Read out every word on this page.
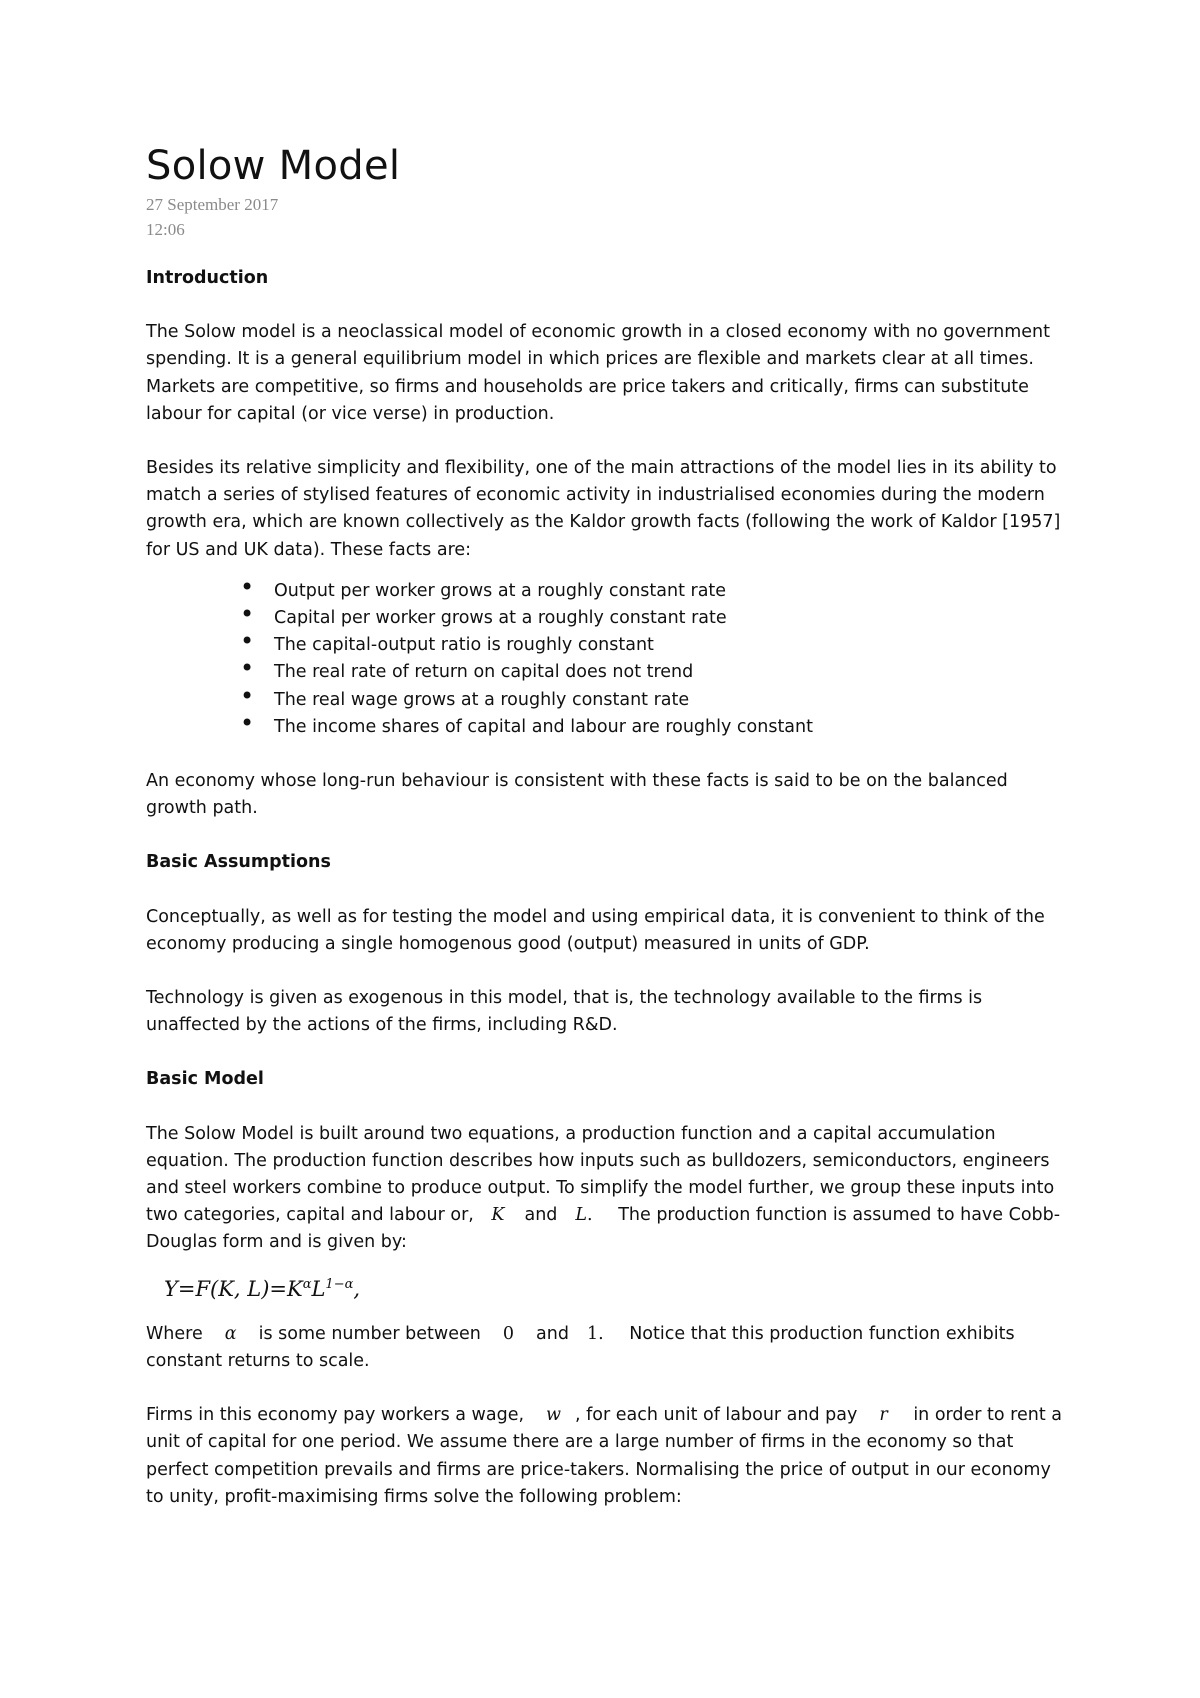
Solow Model
27 September 2017
12:06

Introduction

The Solow model is a neoclassical model of economic growth in a closed economy with no government spending. It is a general equilibrium model in which prices are flexible and markets clear at all times. Markets are competitive, so firms and households are price takers and critically, firms can substitute labour for capital (or vice verse) in production.

Besides its relative simplicity and flexibility, one of the main attractions of the model lies in its ability to match a series of stylised features of economic activity in industrialised economies during the modern growth era, which are known collectively as the Kaldor growth facts (following the work of Kaldor [1957] for US and UK data). These facts are:

• Output per worker grows at a roughly constant rate
• Capital per worker grows at a roughly constant rate
• The capital-output ratio is roughly constant
• The real rate of return on capital does not trend
• The real wage grows at a roughly constant rate
• The income shares of capital and labour are roughly constant

An economy whose long-run behaviour is consistent with these facts is said to be on the balanced growth path.

Basic Assumptions

Conceptually, as well as for testing the model and using empirical data, it is convenient to think of the economy producing a single homogenous good (output) measured in units of GDP.

Technology is given as exogenous in this model, that is, the technology available to the firms is unaffected by the actions of the firms, including R&D.

Basic Model

The Solow Model is built around two equations, a production function and a capital accumulation equation. The production function describes how inputs such as bulldozers, semiconductors, engineers and steel workers combine to produce output. To simplify the model further, we group these inputs into two categories, capital and labour or, K and L. The production function is assumed to have Cobb-Douglas form and is given by:

Y=F(K, $L)=K^\alpha L^{1-\alpha}$,

Where α is some number between 0 and 1. Notice that this production function exhibits constant returns to scale.

Firms in this economy pay workers a wage, w , for each unit of labour and pay r in order to rent a unit of capital for one period. We assume there are a large number of firms in the economy so that perfect competition prevails and firms are price-takers. Normalising the price of output in our economy to unity, profit-maximising firms solve the following problem:
